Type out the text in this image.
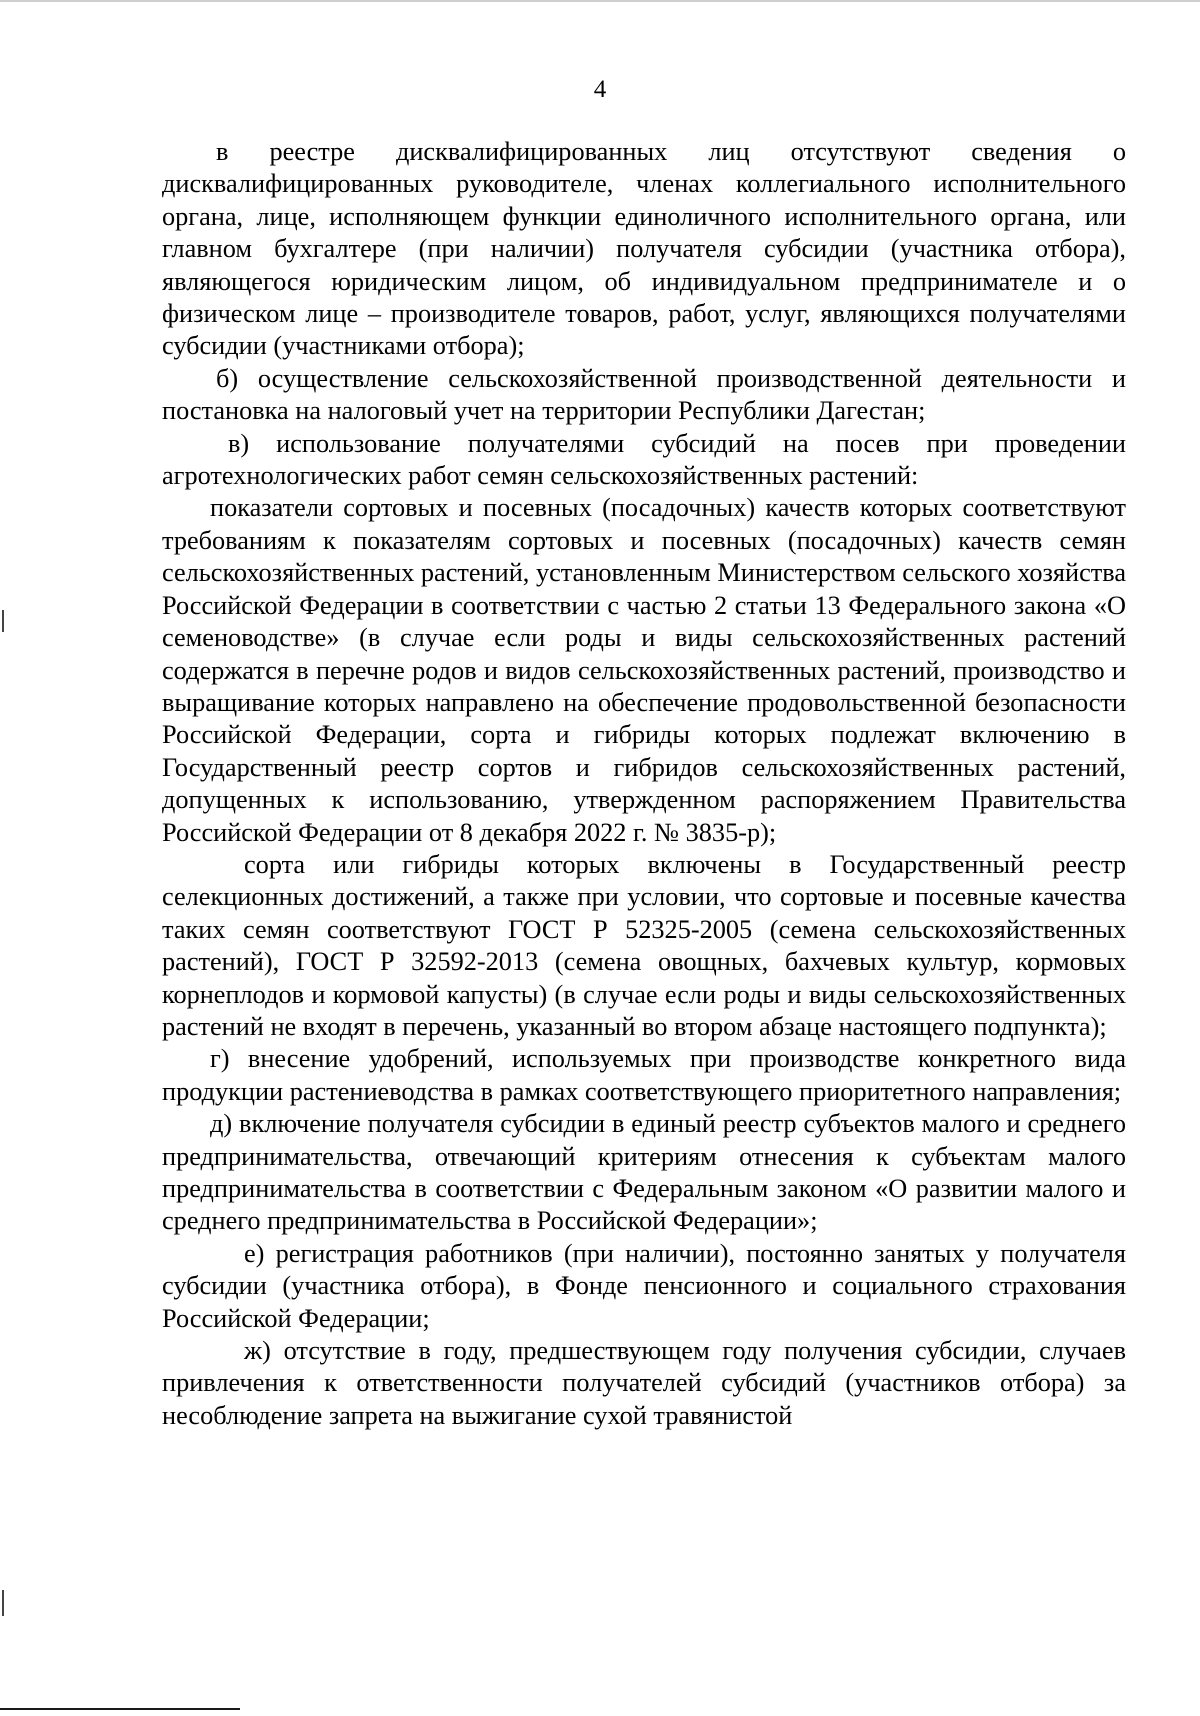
4

в реестре дисквалифицированных лиц отсутствуют сведения о дисквалифицированных руководителе, членах коллегиального исполнительного органа, лице, исполняющем функции единоличного исполнительного органа, или главном бухгалтере (при наличии) получателя субсидии (участника отбора), являющегося юридическим лицом, об индивидуальном предпринимателе и о физическом лице – производителе товаров, работ, услуг, являющихся получателями субсидии (участниками отбора);

б) осуществление сельскохозяйственной производственной деятельности и постановка на налоговый учет на территории Республики Дагестан;

в) использование получателями субсидий на посев при проведении агротехнологических работ семян сельскохозяйственных растений:

показатели сортовых и посевных (посадочных) качеств которых соответствуют требованиям к показателям сортовых и посевных (посадочных) качеств семян сельскохозяйственных растений, установленным Министерством сельского хозяйства Российской Федерации в соответствии с частью 2 статьи 13 Федерального закона «О семеноводстве» (в случае если роды и виды сельскохозяйственных растений содержатся в перечне родов и видов сельскохозяйственных растений, производство и выращивание которых направлено на обеспечение продовольственной безопасности Российской Федерации, сорта и гибриды которых подлежат включению в Государственный реестр сортов и гибридов сельскохозяйственных растений, допущенных к использованию, утвержденном распоряжением Правительства Российской Федерации от 8 декабря 2022 г. № 3835-р);

сорта или гибриды которых включены в Государственный реестр селекционных достижений, а также при условии, что сортовые и посевные качества таких семян соответствуют ГОСТ Р 52325-2005 (семена сельскохозяйственных растений), ГОСТ Р 32592-2013 (семена овощных, бахчевых культур, кормовых корнеплодов и кормовой капусты) (в случае если роды и виды сельскохозяйственных растений не входят в перечень, указанный во втором абзаце настоящего подпункта);

г) внесение удобрений, используемых при производстве конкретного вида продукции растениеводства в рамках соответствующего приоритетного направления;

д) включение получателя субсидии в единый реестр субъектов малого и среднего предпринимательства, отвечающий критериям отнесения к субъектам малого предпринимательства в соответствии с Федеральным законом «О развитии малого и среднего предпринимательства в Российской Федерации»;

е) регистрация работников (при наличии), постоянно занятых у получателя субсидии (участника отбора), в Фонде пенсионного и социального страхования Российской Федерации;

ж) отсутствие в году, предшествующем году получения субсидии, случаев привлечения к ответственности получателей субсидий (участников отбора) за несоблюдение запрета на выжигание сухой травянистой
